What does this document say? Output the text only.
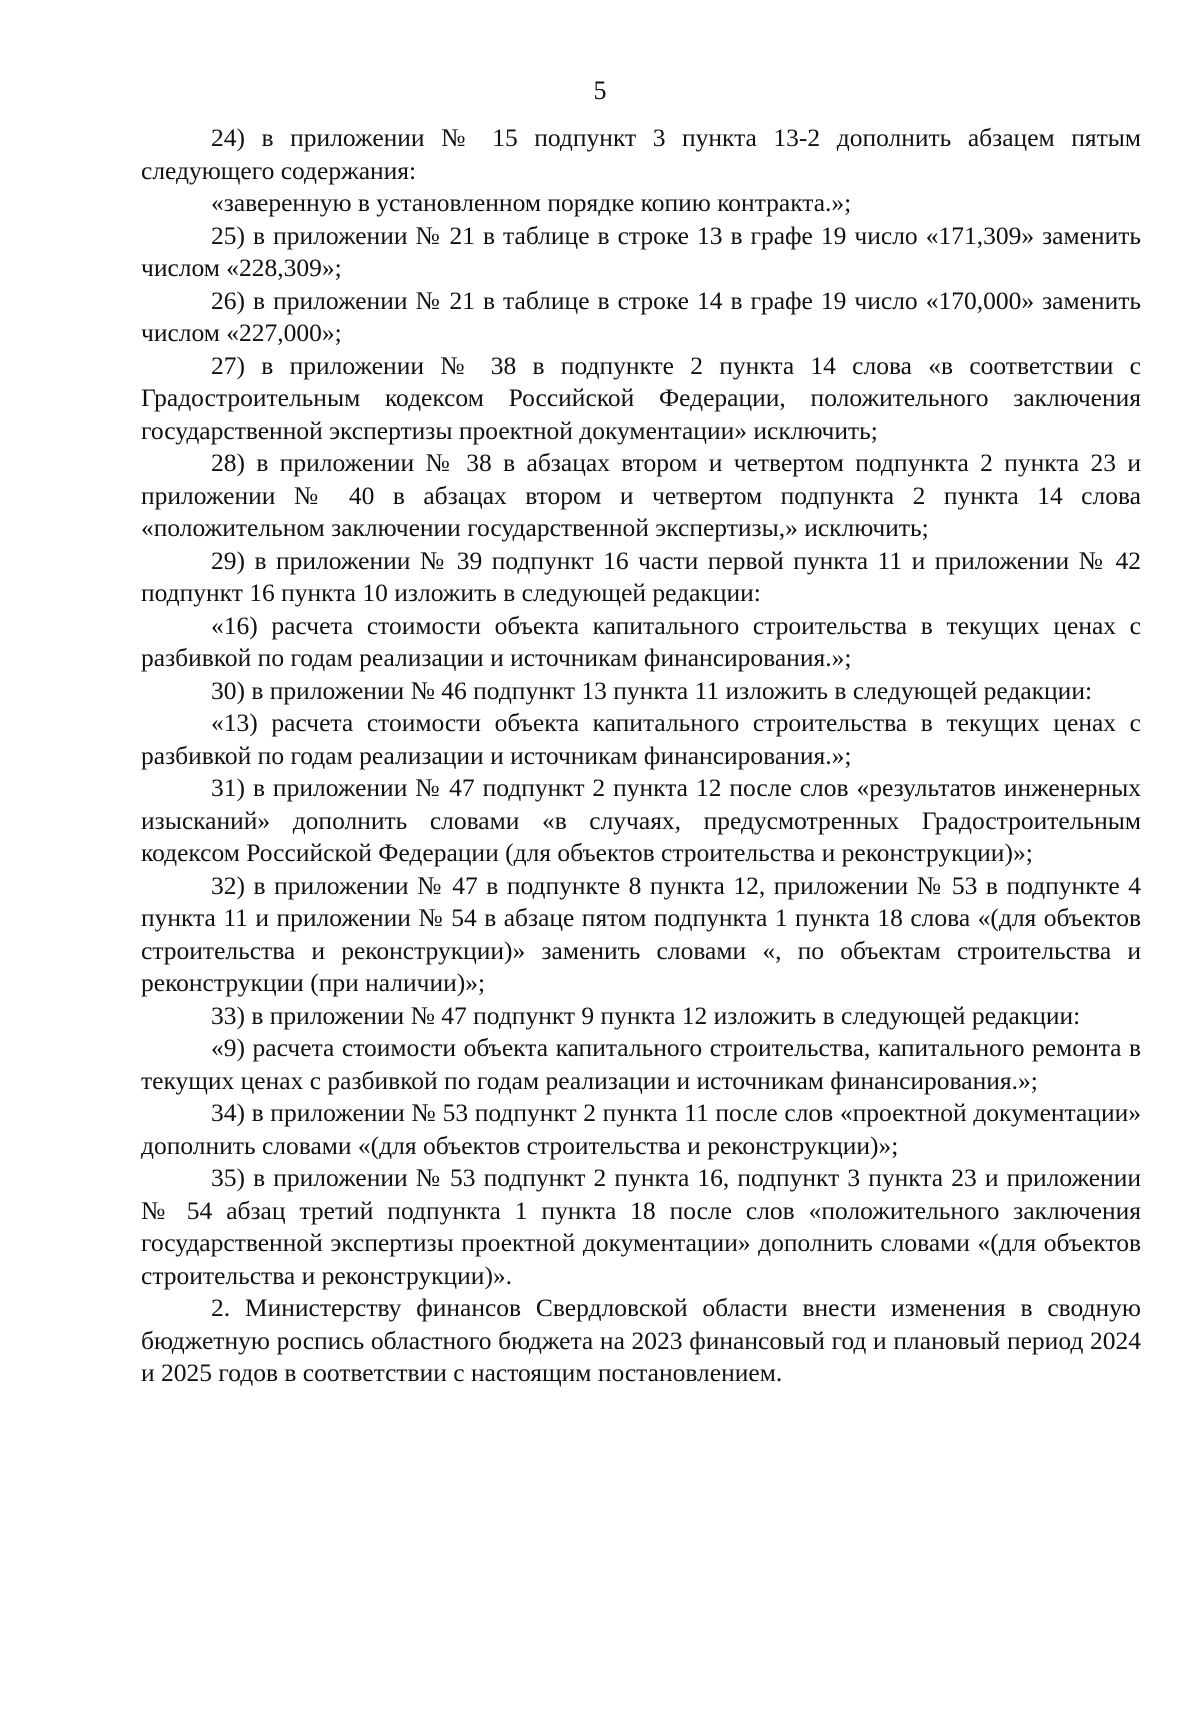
5

24) в приложении № 15 подпункт 3 пункта 13-2 дополнить абзацем пятым следующего содержания:

«заверенную в установленном порядке копию контракта.»;

25) в приложении № 21 в таблице в строке 13 в графе 19 число «171,309» заменить числом «228,309»;

26) в приложении № 21 в таблице в строке 14 в графе 19 число «170,000» заменить числом «227,000»;

27) в приложении № 38 в подпункте 2 пункта 14 слова «в соответствии с Градостроительным кодексом Российской Федерации, положительного заключения государственной экспертизы проектной документации» исключить;

28) в приложении № 38 в абзацах втором и четвертом подпункта 2 пункта 23 и приложении № 40 в абзацах втором и четвертом подпункта 2 пункта 14 слова «положительном заключении государственной экспертизы,» исключить;

29) в приложении № 39 подпункт 16 части первой пункта 11 и приложении № 42 подпункт 16 пункта 10 изложить в следующей редакции:

«16) расчета стоимости объекта капитального строительства в текущих ценах с разбивкой по годам реализации и источникам финансирования.»;

30) в приложении № 46 подпункт 13 пункта 11 изложить в следующей редакции:

«13) расчета стоимости объекта капитального строительства в текущих ценах с разбивкой по годам реализации и источникам финансирования.»;

31) в приложении № 47 подпункт 2 пункта 12 после слов «результатов инженерных изысканий» дополнить словами «в случаях, предусмотренных Градостроительным кодексом Российской Федерации (для объектов строительства и реконструкции)»;

32) в приложении № 47 в подпункте 8 пункта 12, приложении № 53 в подпункте 4 пункта 11 и приложении № 54 в абзаце пятом подпункта 1 пункта 18 слова «(для объектов строительства и реконструкции)» заменить словами «, по объектам строительства и реконструкции (при наличии)»;

33) в приложении № 47 подпункт 9 пункта 12 изложить в следующей редакции:

«9) расчета стоимости объекта капитального строительства, капитального ремонта в текущих ценах с разбивкой по годам реализации и источникам финансирования.»;

34) в приложении № 53 подпункт 2 пункта 11 после слов «проектной документации» дополнить словами «(для объектов строительства и реконструкции)»;

35) в приложении № 53 подпункт 2 пункта 16, подпункт 3 пункта 23 и приложении № 54 абзац третий подпункта 1 пункта 18 после слов «положительного заключения государственной экспертизы проектной документации» дополнить словами «(для объектов строительства и реконструкции)».

2. Министерству финансов Свердловской области внести изменения в сводную бюджетную роспись областного бюджета на 2023 финансовый год и плановый период 2024 и 2025 годов в соответствии с настоящим постановлением.
